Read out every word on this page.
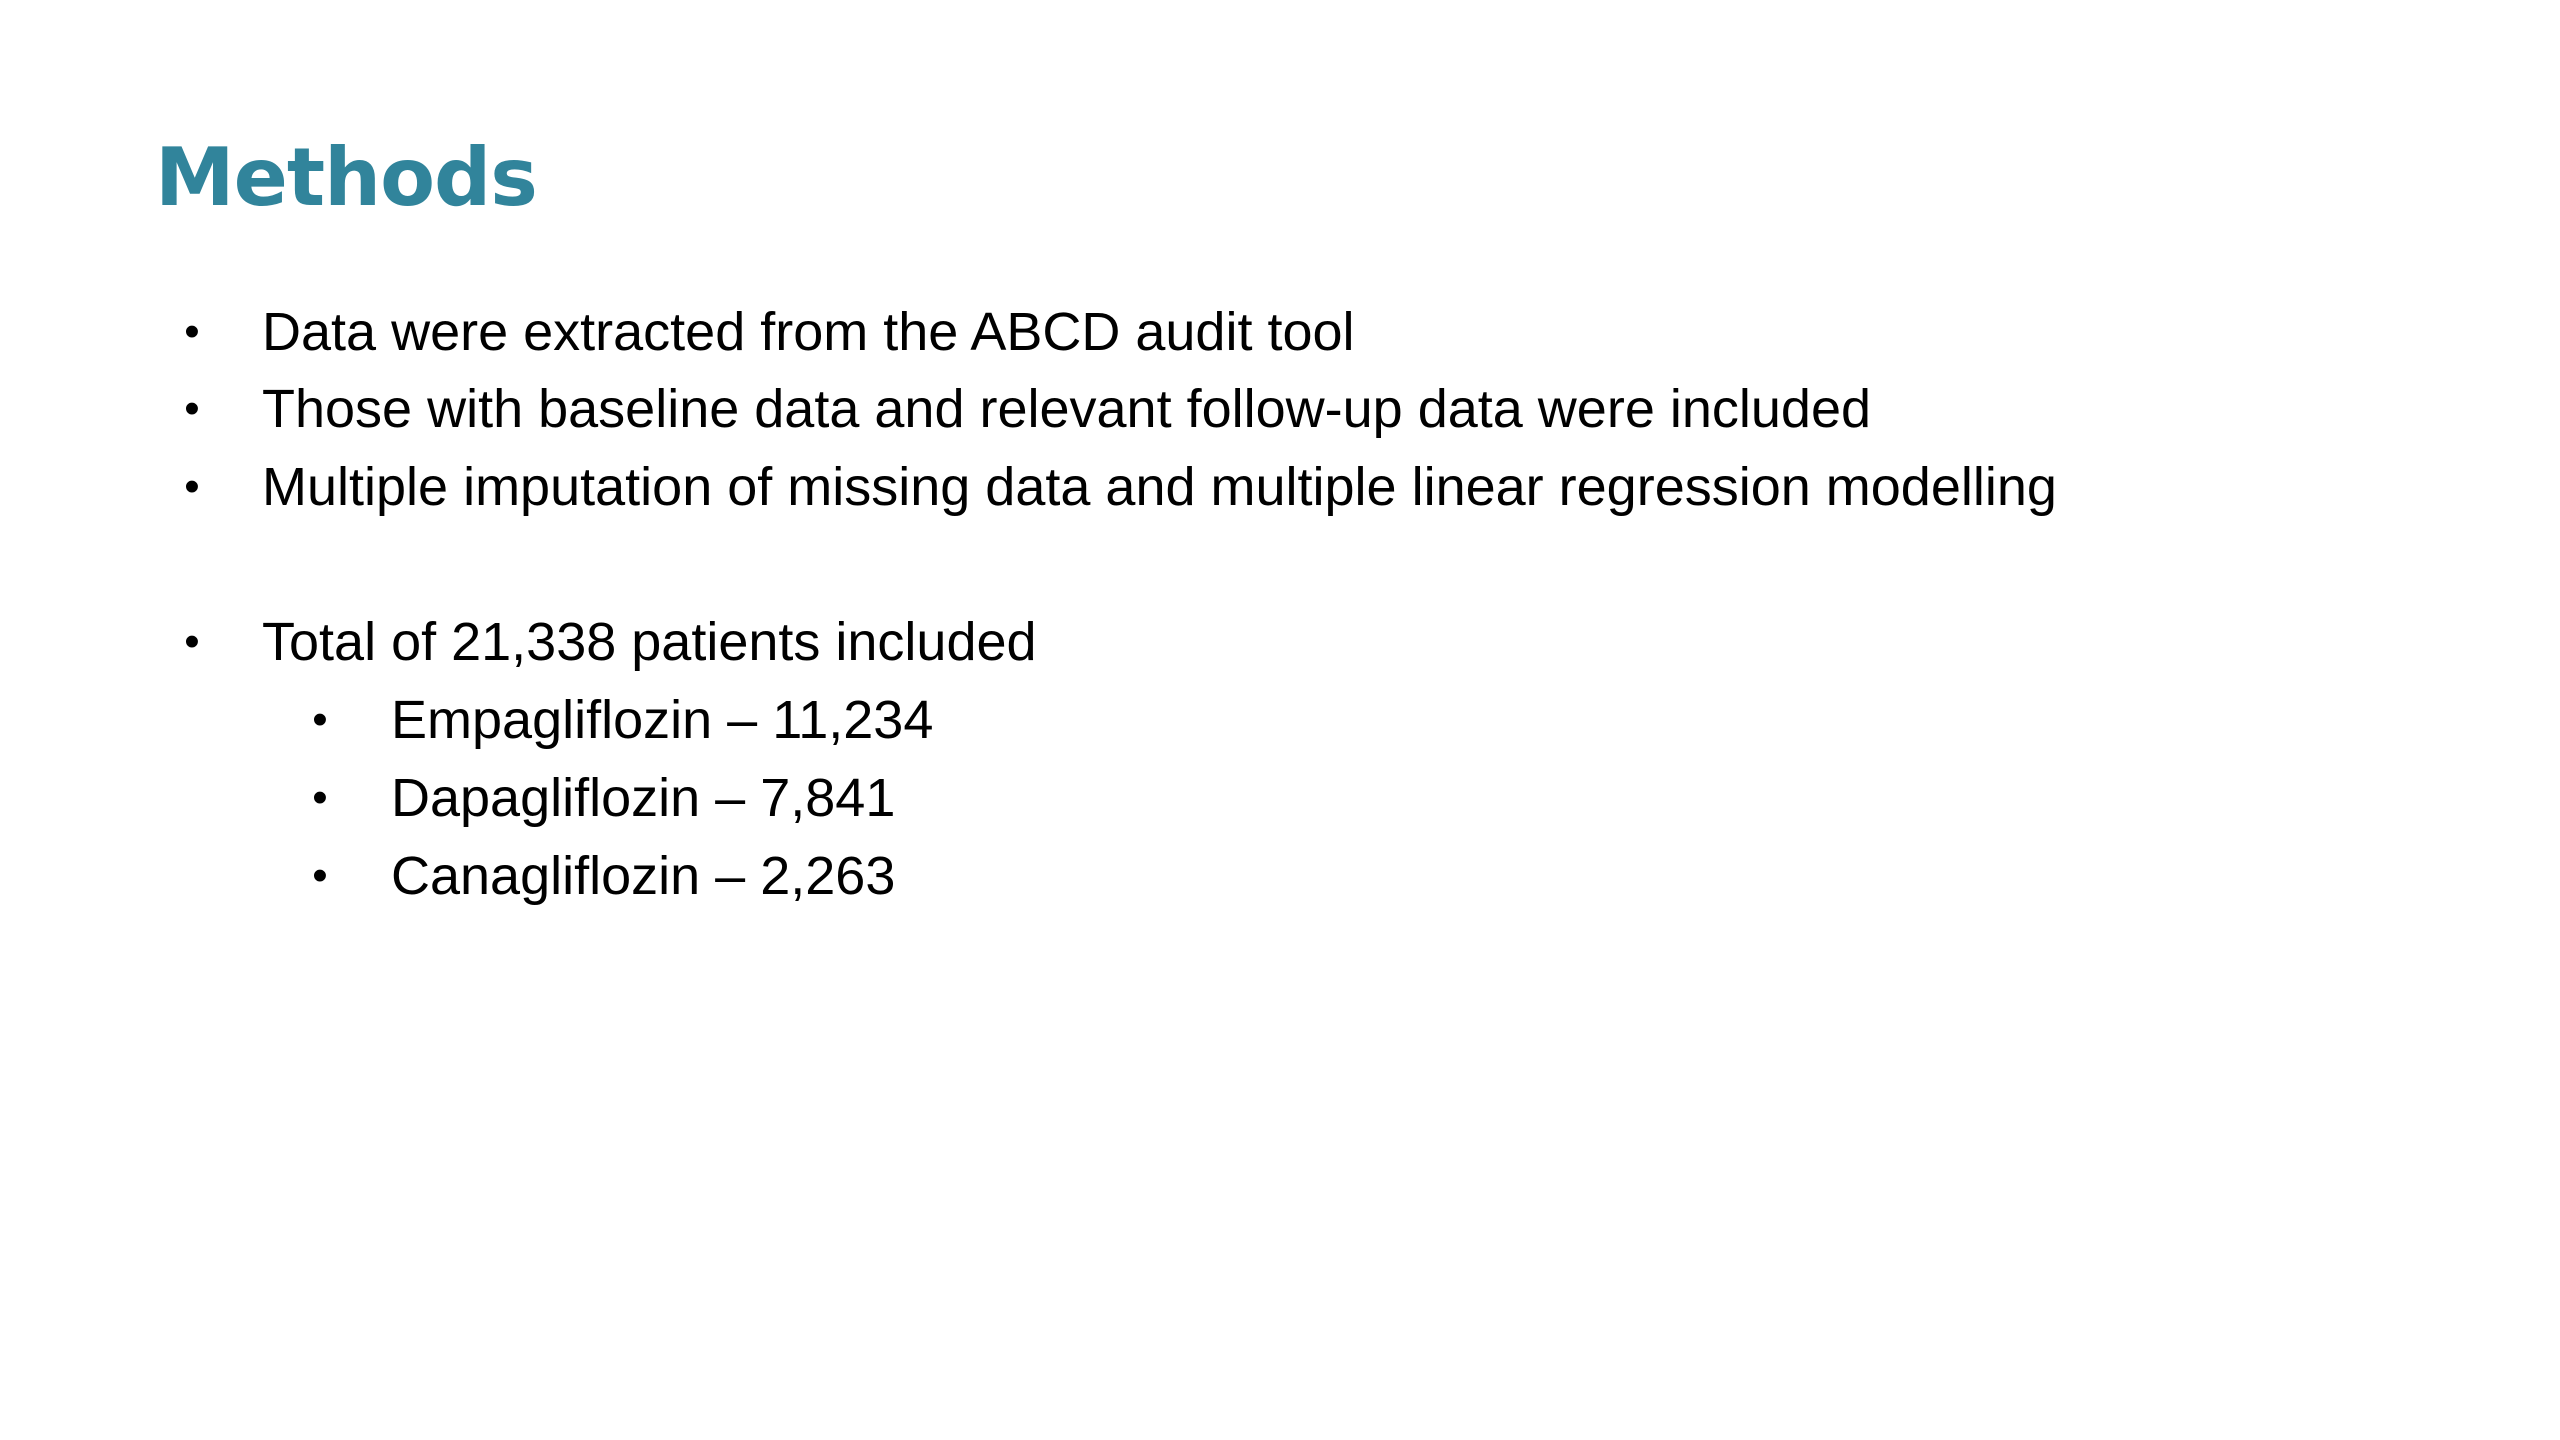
Methods
• Data were extracted from the ABCD audit tool
• Those with baseline data and relevant follow-up data were included
• Multiple imputation of missing data and multiple linear regression modelling
• Total of 21,338 patients included
• Empagliflozin – 11,234
• Dapagliflozin – 7,841
• Canagliflozin – 2,263
